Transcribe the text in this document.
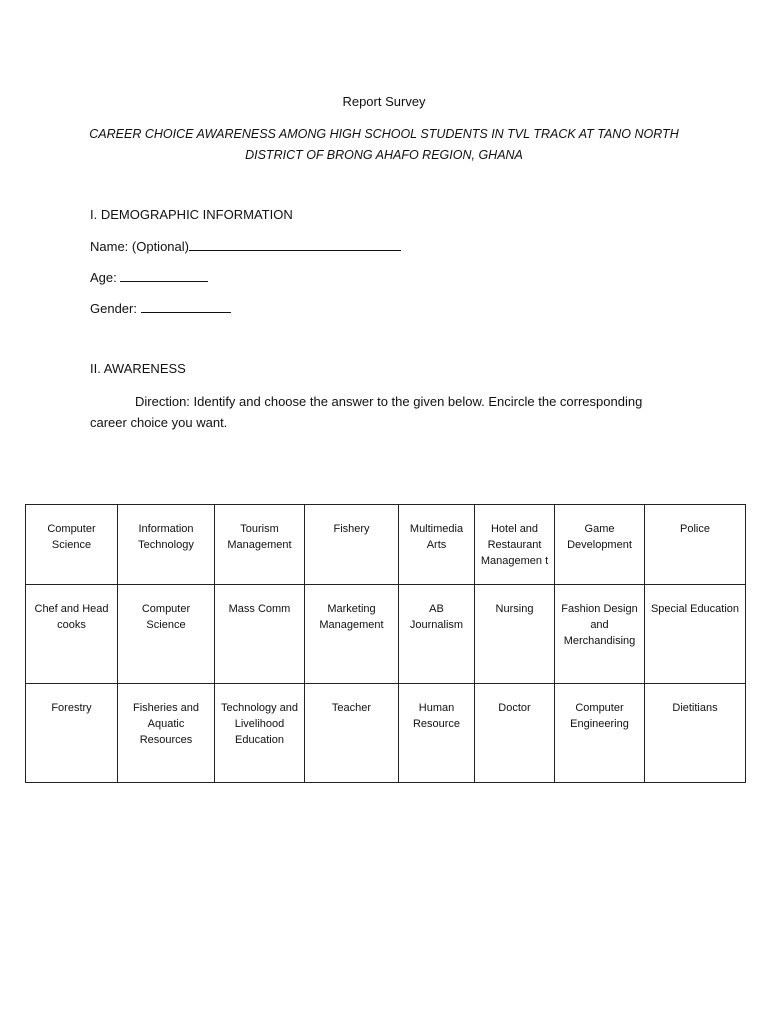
Report Survey
CAREER CHOICE AWARENESS AMONG HIGH SCHOOL STUDENTS IN TVL TRACK AT TANO NORTH
DISTRICT OF BRONG AHAFO REGION, GHANA
I. DEMOGRAPHIC INFORMATION
Name: (Optional)
Age:
Gender:
II. AWARENESS
Direction: Identify and choose the answer to the given below. Encircle the corresponding
career choice you want.
Computer Science	Information Technology	Tourism Management	Fishery	Multimedia Arts	Hotel and Restaurant Managemen t	Game Development	Police
Chef and Head cooks	Computer Science	Mass Comm	Marketing Management	AB Journalism	Nursing	Fashion Design and Merchandising	Special Education
Forestry	Fisheries and Aquatic Resources	Technology and Livelihood Education	Teacher	Human Resource	Doctor	Computer Engineering	Dietitians
